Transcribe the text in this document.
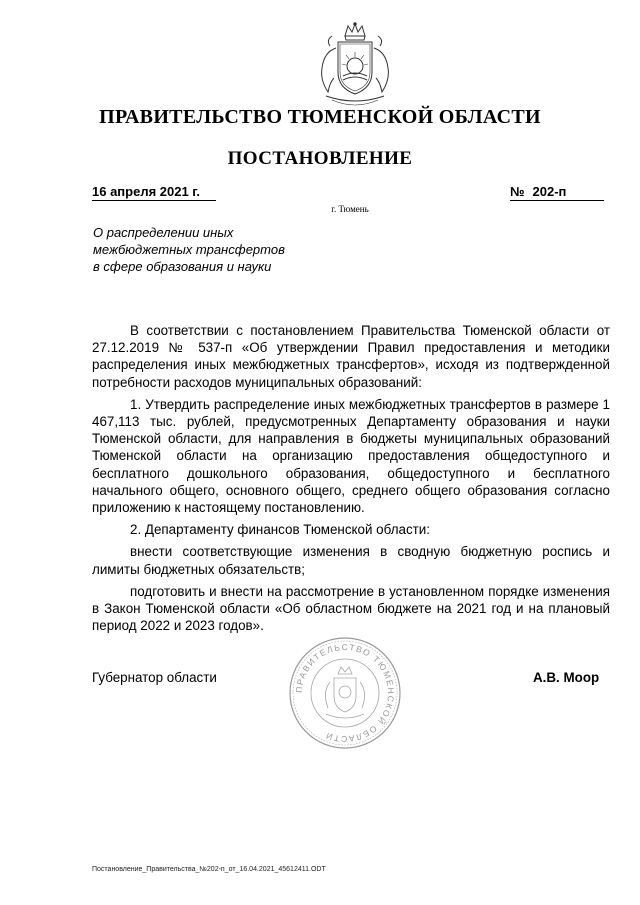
ПРАВИТЕЛЬСТВО ТЮМЕНСКОЙ ОБЛАСТИ
ПОСТАНОВЛЕНИЕ
16 апреля 2021 г.	№ 202-п
г. Тюмень
О распределении иных
межбюджетных трансфертов
в сфере образования и науки

В соответствии с постановлением Правительства Тюменской области от 27.12.2019 № 537-п «Об утверждении Правил предоставления и методики распределения иных межбюджетных трансфертов», исходя из подтвержденной потребности расходов муниципальных образований:

1. Утвердить распределение иных межбюджетных трансфертов в размере 1 467,113 тыс. рублей, предусмотренных Департаменту образования и науки Тюменской области, для направления в бюджеты муниципальных образований Тюменской области на организацию предоставления общедоступного и бесплатного дошкольного образования, общедоступного и бесплатного начального общего, основного общего, среднего общего образования согласно приложению к настоящему постановлению.

2. Департаменту финансов Тюменской области:

внести соответствующие изменения в сводную бюджетную роспись и лимиты бюджетных обязательств;

подготовить и внести на рассмотрение в установленном порядке изменения в Закон Тюменской области «Об областном бюджете на 2021 год и на плановый период 2022 и 2023 годов».

ПРАВИТЕЛЬСТВО ТЮМЕНСКОЙ ОБЛАСТИ
Губернатор области	А.В. Моор
Постановление_Правительства_№202-п_от_16.04.2021_45612411.ODT
